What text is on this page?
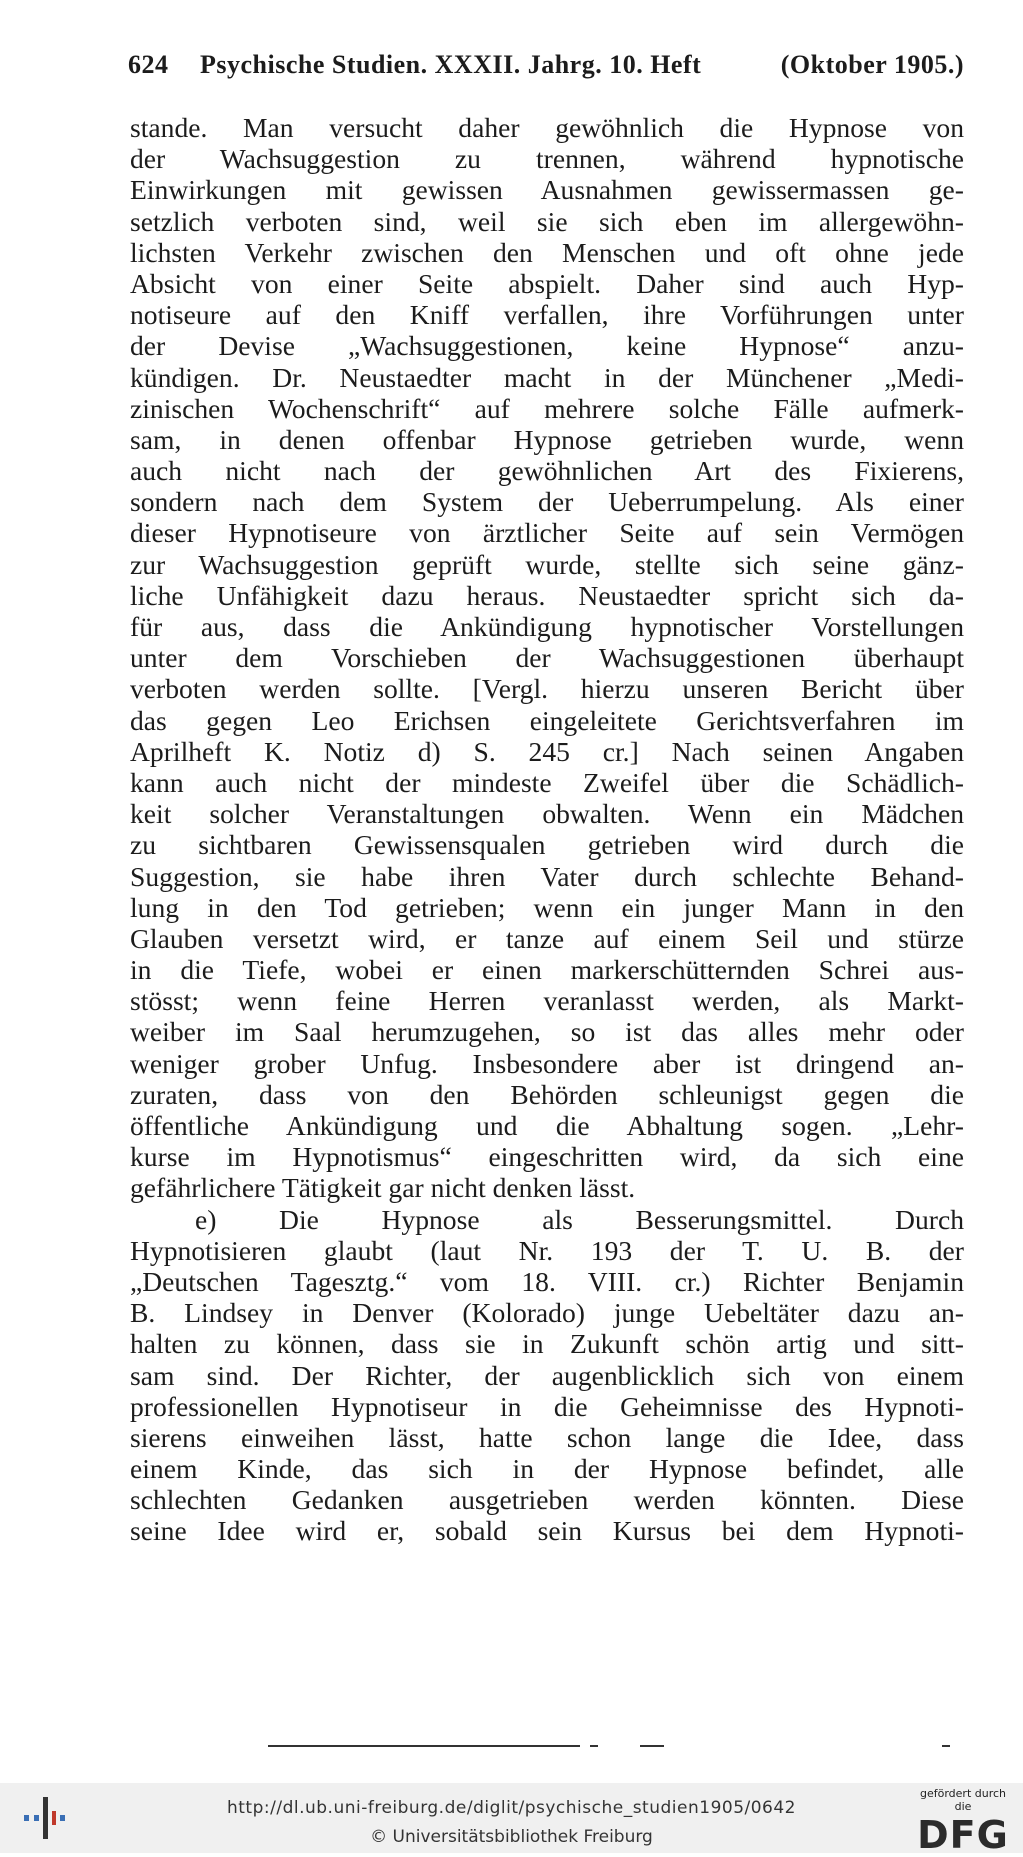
624 Psychische Studien. XXXII. Jahrg. 10. Heft	(Oktober 1905.)
stande. Man versucht daher gewöhnlich die Hypnose von
der Wachsuggestion zu trennen, während hypnotische
Einwirkungen mit gewissen Ausnahmen gewissermassen ge-
setzlich verboten sind, weil sie sich eben im allergewöhn-
lichsten Verkehr zwischen den Menschen und oft ohne jede
Absicht von einer Seite abspielt. Daher sind auch Hyp-
notiseure auf den Kniff verfallen, ihre Vorführungen unter
der Devise „Wachsuggestionen, keine Hypnose“ anzu-
kündigen. Dr. Neustaedter macht in der Münchener „Medi-
zinischen Wochenschrift“ auf mehrere solche Fälle aufmerk-
sam, in denen offenbar Hypnose getrieben wurde, wenn
auch nicht nach der gewöhnlichen Art des Fixierens,
sondern nach dem System der Ueberrumpelung. Als einer
dieser Hypnotiseure von ärztlicher Seite auf sein Vermögen
zur Wachsuggestion geprüft wurde, stellte sich seine gänz-
liche Unfähigkeit dazu heraus. Neustaedter spricht sich da-
für aus, dass die Ankündigung hypnotischer Vorstellungen
unter dem Vorschieben der Wachsuggestionen überhaupt
verboten werden sollte. [Vergl. hierzu unseren Bericht über
das gegen Leo Erichsen eingeleitete Gerichtsverfahren im
Aprilheft K. Notiz d) S. 245 cr.] Nach seinen Angaben
kann auch nicht der mindeste Zweifel über die Schädlich-
keit solcher Veranstaltungen obwalten. Wenn ein Mädchen
zu sichtbaren Gewissensqualen getrieben wird durch die
Suggestion, sie habe ihren Vater durch schlechte Behand-
lung in den Tod getrieben; wenn ein junger Mann in den
Glauben versetzt wird, er tanze auf einem Seil und stürze
in die Tiefe, wobei er einen markerschütternden Schrei aus-
stösst; wenn feine Herren veranlasst werden, als Markt-
weiber im Saal herumzugehen, so ist das alles mehr oder
weniger grober Unfug. Insbesondere aber ist dringend an-
zuraten, dass von den Behörden schleunigst gegen die
öffentliche Ankündigung und die Abhaltung sogen. „Lehr-
kurse im Hypnotismus“ eingeschritten wird, da sich eine
gefährlichere Tätigkeit gar nicht denken lässt.
e) Die Hypnose als Besserungsmittel. Durch
Hypnotisieren glaubt (laut Nr. 193 der T. U. B. der
„Deutschen Tagesztg.“ vom 18. VIII. cr.) Richter Benjamin
B. Lindsey in Denver (Kolorado) junge Uebeltäter dazu an-
halten zu können, dass sie in Zukunft schön artig und sitt-
sam sind. Der Richter, der augenblicklich sich von einem
professionellen Hypnotiseur in die Geheimnisse des Hypnoti-
sierens einweihen lässt, hatte schon lange die Idee, dass
einem Kinde, das sich in der Hypnose befindet, alle
schlechten Gedanken ausgetrieben werden könnten. Diese
seine Idee wird er, sobald sein Kursus bei dem Hypnoti-
http://dl.ub.uni-freiburg.de/diglit/psychische_studien1905/0642
© Universitätsbibliothek Freiburg
gefördert durch die
DFG
